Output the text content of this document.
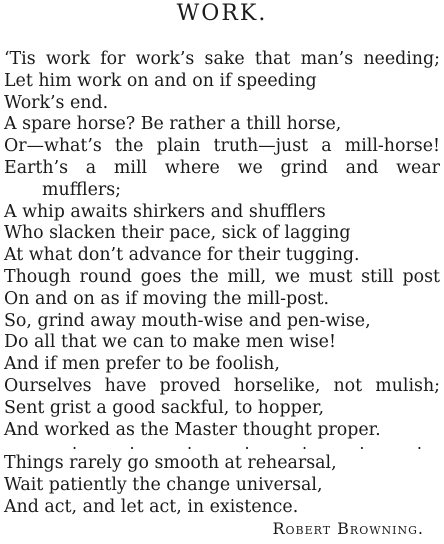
WORK.
‘Tis work for work’s sake that man’s needing;
Let him work on and on if speeding
Work’s end.
A spare horse? Be rather a thill horse,
Or—what’s the plain truth—just a mill-horse!
Earth’s a mill where we grind and wear
mufflers;
A whip awaits shirkers and shufflers
Who slacken their pace, sick of lagging
At what don’t advance for their tugging.
Though round goes the mill, we must still post
On and on as if moving the mill-post.
So, grind away mouth-wise and pen-wise,
Do all that we can to make men wise!
And if men prefer to be foolish,
Ourselves have proved horselike, not mulish;
Sent grist a good sackful, to hopper,
And worked as the Master thought proper.
.	.	.	.	.	.	.
Things rarely go smooth at rehearsal,
Wait patiently the change universal,
And act, and let act, in existence.
Robert Browning.
